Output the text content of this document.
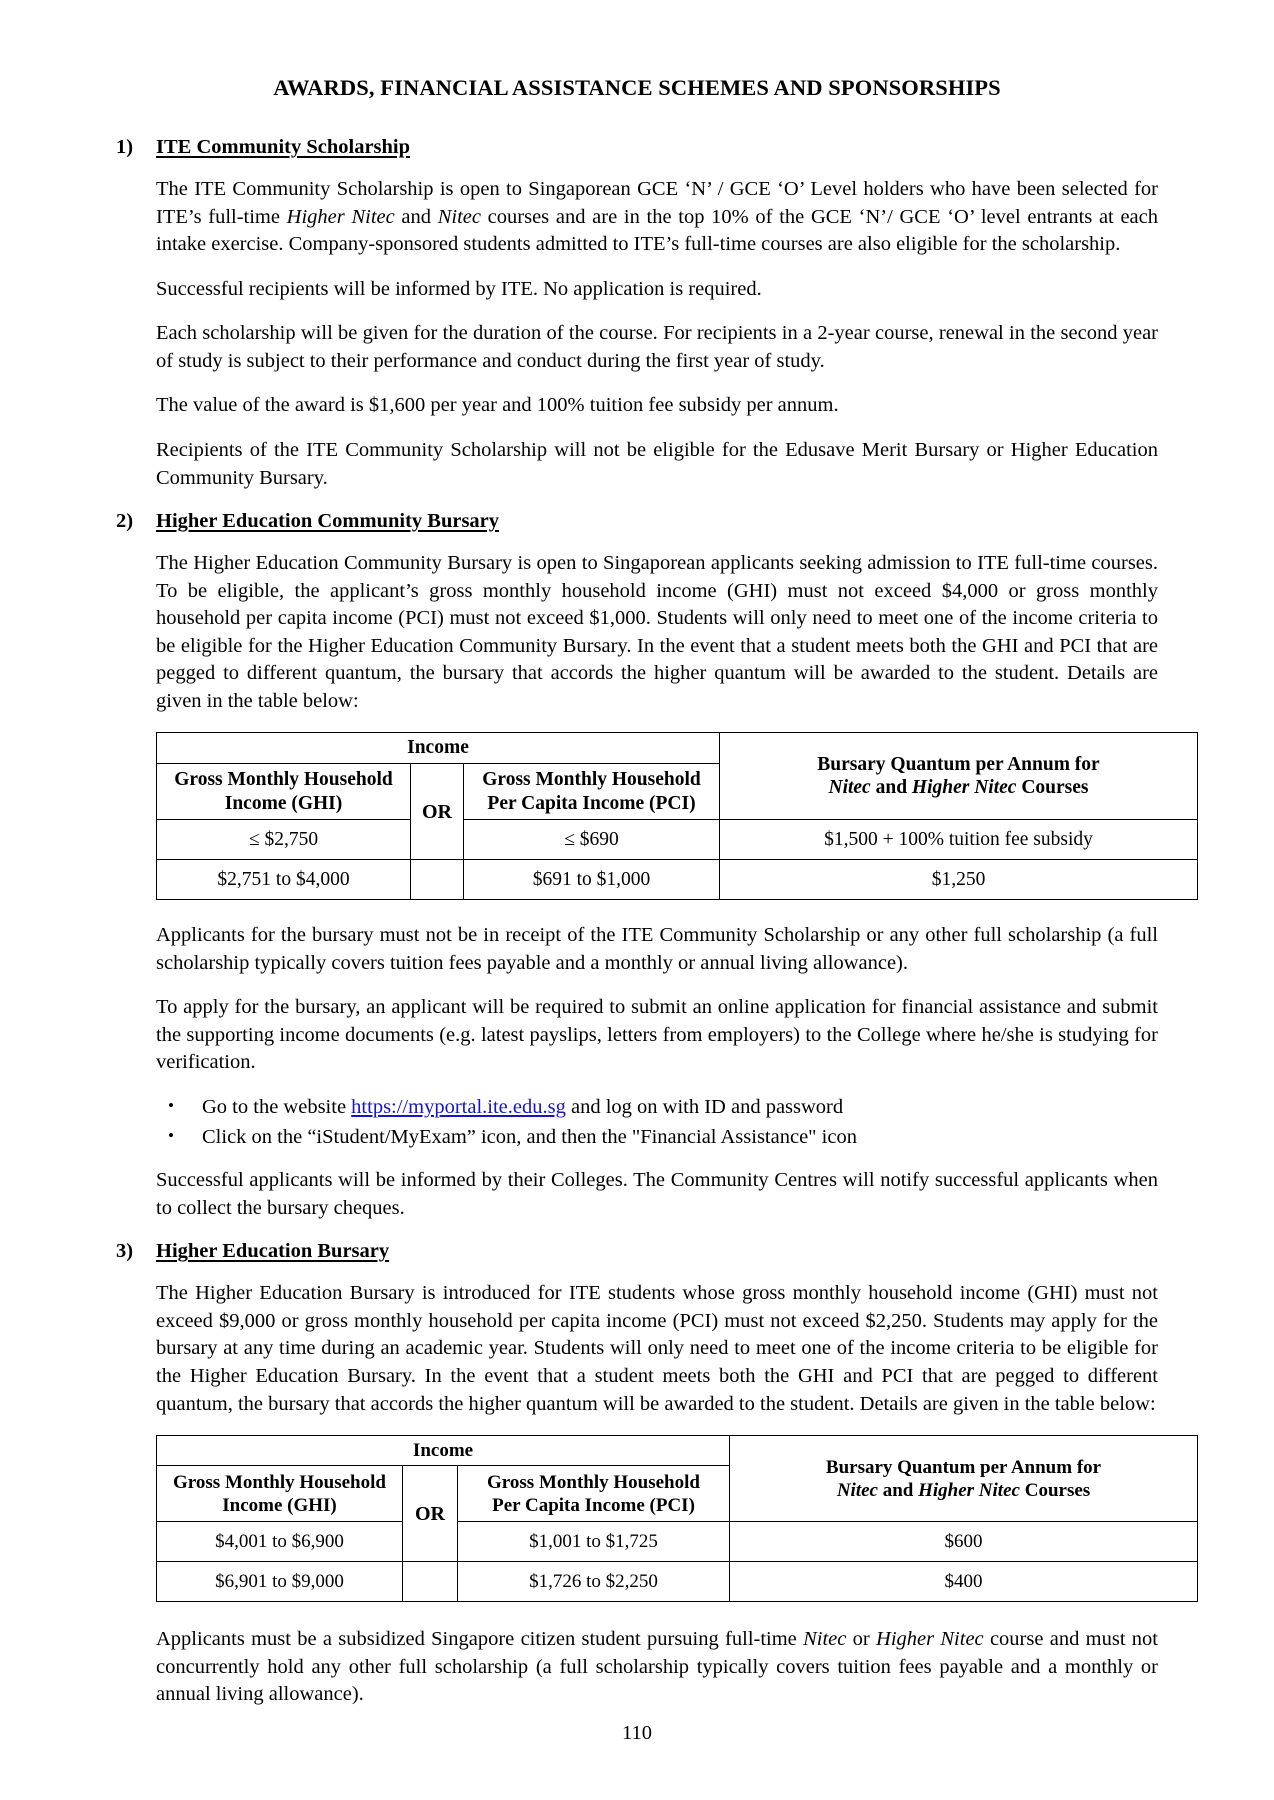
AWARDS, FINANCIAL ASSISTANCE SCHEMES AND SPONSORSHIPS
1)	ITE Community Scholarship

The ITE Community Scholarship is open to Singaporean GCE ‘N’ / GCE ‘O’ Level holders who have been selected for ITE’s full-time Higher Nitec and Nitec courses and are in the top 10% of the GCE ‘N’/ GCE ‘O’ level entrants at each intake exercise. Company-sponsored students admitted to ITE’s full-time courses are also eligible for the scholarship.

Successful recipients will be informed by ITE. No application is required.

Each scholarship will be given for the duration of the course. For recipients in a 2-year course, renewal in the second year of study is subject to their performance and conduct during the first year of study.

The value of the award is $1,600 per year and 100% tuition fee subsidy per annum.

Recipients of the ITE Community Scholarship will not be eligible for the Edusave Merit Bursary or Higher Education Community Bursary.

2)	Higher Education Community Bursary

The Higher Education Community Bursary is open to Singaporean applicants seeking admission to ITE full-time courses. To be eligible, the applicant’s gross monthly household income (GHI) must not exceed $4,000 or gross monthly household per capita income (PCI) must not exceed $1,000. Students will only need to meet one of the income criteria to be eligible for the Higher Education Community Bursary. In the event that a student meets both the GHI and PCI that are pegged to different quantum, the bursary that accords the higher quantum will be awarded to the student. Details are given in the table below:

Income			Bursary Quantum per Annum for
Nitec and Higher Nitec Courses
Gross Monthly Household
Income (GHI)	OR	Gross Monthly Household
Per Capita Income (PCI)	
≤ $2,750		≤ $690	$1,500 + 100% tuition fee subsidy
$2,751 to $4,000		$691 to $1,000	$1,250

Applicants for the bursary must not be in receipt of the ITE Community Scholarship or any other full scholarship (a full scholarship typically covers tuition fees payable and a monthly or annual living allowance).

To apply for the bursary, an applicant will be required to submit an online application for financial assistance and submit the supporting income documents (e.g. latest payslips, letters from employers) to the College where he/she is studying for verification.

• Go to the website https://myportal.ite.edu.sg and log on with ID and password
• Click on the “iStudent/MyExam” icon, and then the "Financial Assistance" icon

Successful applicants will be informed by their Colleges. The Community Centres will notify successful applicants when to collect the bursary cheques.

3)	Higher Education Bursary

The Higher Education Bursary is introduced for ITE students whose gross monthly household income (GHI) must not exceed $9,000 or gross monthly household per capita income (PCI) must not exceed $2,250. Students may apply for the bursary at any time during an academic year. Students will only need to meet one of the income criteria to be eligible for the Higher Education Bursary. In the event that a student meets both the GHI and PCI that are pegged to different quantum, the bursary that accords the higher quantum will be awarded to the student. Details are given in the table below:

Income			Bursary Quantum per Annum for
Nitec and Higher Nitec Courses
Gross Monthly Household
Income (GHI)	OR	Gross Monthly Household
Per Capita Income (PCI)	
$4,001 to $6,900		$1,001 to $1,725	$600
$6,901 to $9,000		$1,726 to $2,250	$400

Applicants must be a subsidized Singapore citizen student pursuing full-time Nitec or Higher Nitec course and must not concurrently hold any other full scholarship (a full scholarship typically covers tuition fees payable and a monthly or annual living allowance).

110
